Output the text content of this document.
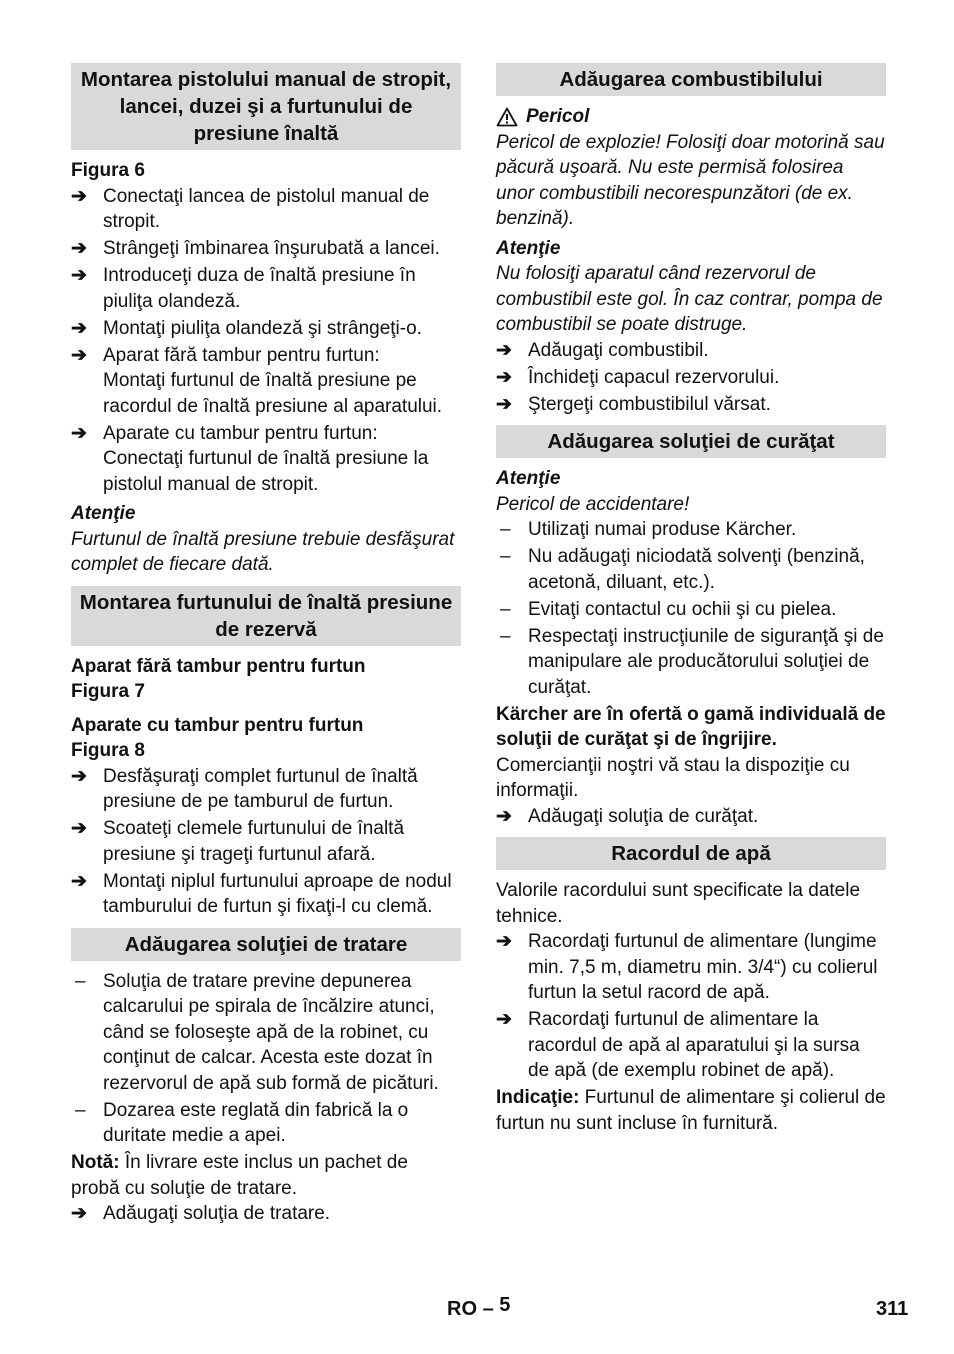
Montarea pistolului manual de stropit, lancei, duzei şi a furtunului de presiune înaltă
Figura 6
➔ Conectaţi lancea de pistolul manual de stropit.
➔ Strângeţi îmbinarea înşurubată a lancei.
➔ Introduceţi duza de înaltă presiune în piuliţa olandeză.
➔ Montaţi piuliţa olandeză şi strângeţi-o.
➔ Aparat fără tambur pentru furtun:
Montaţi furtunul de înaltă presiune pe racordul de înaltă presiune al aparatului.
➔ Aparate cu tambur pentru furtun:
Conectaţi furtunul de înaltă presiune la pistolul manual de stropit.
Atenţie
Furtunul de înaltă presiune trebuie desfăşurat complet de fiecare dată.
Montarea furtunului de înaltă presiune de rezervă
Aparat fără tambur pentru furtun
Figura 7
Aparate cu tambur pentru furtun
Figura 8
➔ Desfăşuraţi complet furtunul de înaltă presiune de pe tamburul de furtun.
➔ Scoateţi clemele furtunului de înaltă presiune şi trageţi furtunul afară.
➔ Montaţi niplul furtunului aproape de nodul tamburului de furtun şi fixaţi-l cu clemă.
Adăugarea soluţiei de tratare
– Soluţia de tratare previne depunerea calcarului pe spirala de încălzire atunci, când se foloseşte apă de la robinet, cu conţinut de calcar. Acesta este dozat în rezervorul de apă sub formă de picături.
– Dozarea este reglată din fabrică la o duritate medie a apei.
Notă: În livrare este inclus un pachet de probă cu soluţie de tratare.
➔ Adăugaţi soluţia de tratare.
Adăugarea combustibilului
Pericol
Pericol de explozie! Folosiţi doar motorină sau păcură uşoară. Nu este permisă folosirea unor combustibili necorespunzători (de ex. benzină).
Atenţie
Nu folosiţi aparatul când rezervorul de combustibil este gol. În caz contrar, pompa de combustibil se poate distruge.
➔ Adăugaţi combustibil.
➔ Închideţi capacul rezervorului.
➔ Ştergeţi combustibilul vărsat.
Adăugarea soluţiei de curăţat
Atenţie
Pericol de accidentare!
– Utilizaţi numai produse Kärcher.
– Nu adăugaţi niciodată solvenţi (benzină, acetonă, diluant, etc.).
– Evitaţi contactul cu ochii şi cu pielea.
– Respectaţi instrucţiunile de siguranţă şi de manipulare ale producătorului soluţiei de curăţat.
Kärcher are în ofertă o gamă individuală de soluţii de curăţat şi de îngrijire.
Comercianţii noştri vă stau la dispoziţie cu informaţii.
➔ Adăugaţi soluţia de curăţat.
Racordul de apă
Valorile racordului sunt specificate la datele tehnice.
➔ Racordaţi furtunul de alimentare (lungime min. 7,5 m, diametru min. 3/4“) cu colierul furtun la setul racord de apă.
➔ Racordaţi furtunul de alimentare la racordul de apă al aparatului şi la sursa de apă (de exemplu robinet de apă).
Indicaţie: Furtunul de alimentare şi colierul de furtun nu sunt incluse în furnitură.
RO – 5	311
